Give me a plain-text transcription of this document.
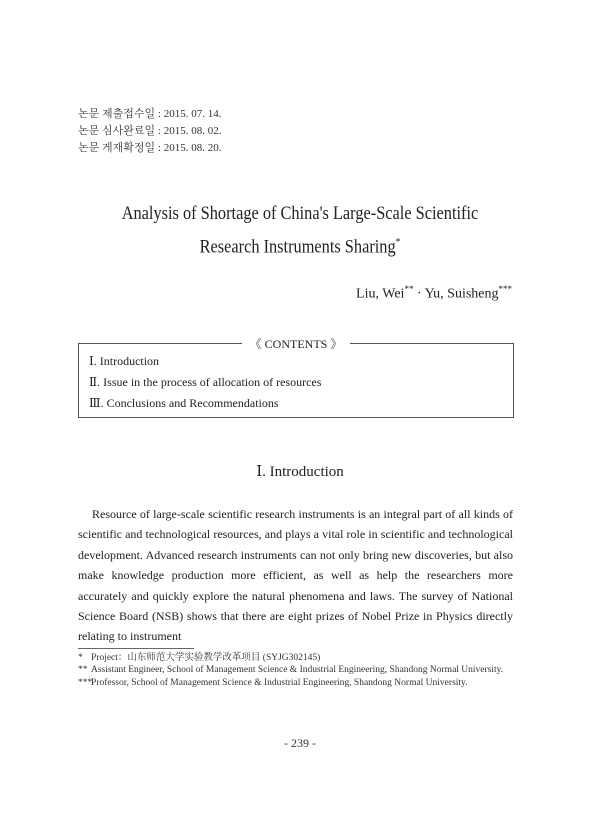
논문 제출접수일 : 2015. 07. 14.
논문 심사완료일 : 2015. 08. 02.
논문 게재확정일 : 2015. 08. 20.
Analysis of Shortage of China's Large-Scale Scientific
Research Instruments Sharing*
Liu, Wei** · Yu, Suisheng***
《 CONTENTS 》
Ⅰ. Introduction
Ⅱ. Issue in the process of allocation of resources
Ⅲ. Conclusions and Recommendations
Ⅰ. Introduction

Resource of large-scale scientific research instruments is an integral part of all kinds of scientific and technological resources, and plays a vital role in scientific and technological development. Advanced research instruments can not only bring new discoveries, but also make knowledge production more efficient, as well as help the researchers more accurately and quickly explore the natural phenomena and laws. The survey of National Science Board (NSB) shows that there are eight prizes of Nobel Prize in Physics directly relating to instrument

* Project：山东师范大学实验教学改革项目 (SYJG302145)
** Assistant Engineer, School of Management Science & Industrial Engineering, Shandong Normal University.
***
Professor, School of Management Science & Industrial Engineering, Shandong Normal University.
- 239 -
